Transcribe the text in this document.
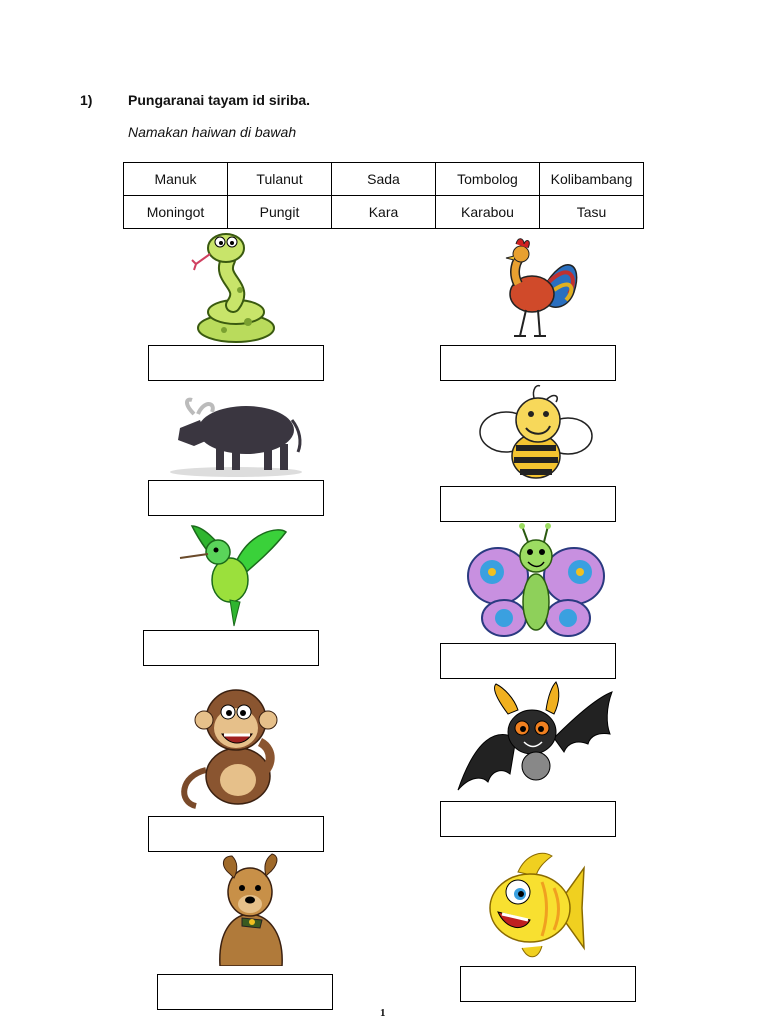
1)	Pungaranai tayam id siriba.
Namakan haiwan di bawah
Manuk	Tulanut	Sada	Tombolog	Kolibambang
Moningot	Pungit	Kara	Karabou	Tasu
1
